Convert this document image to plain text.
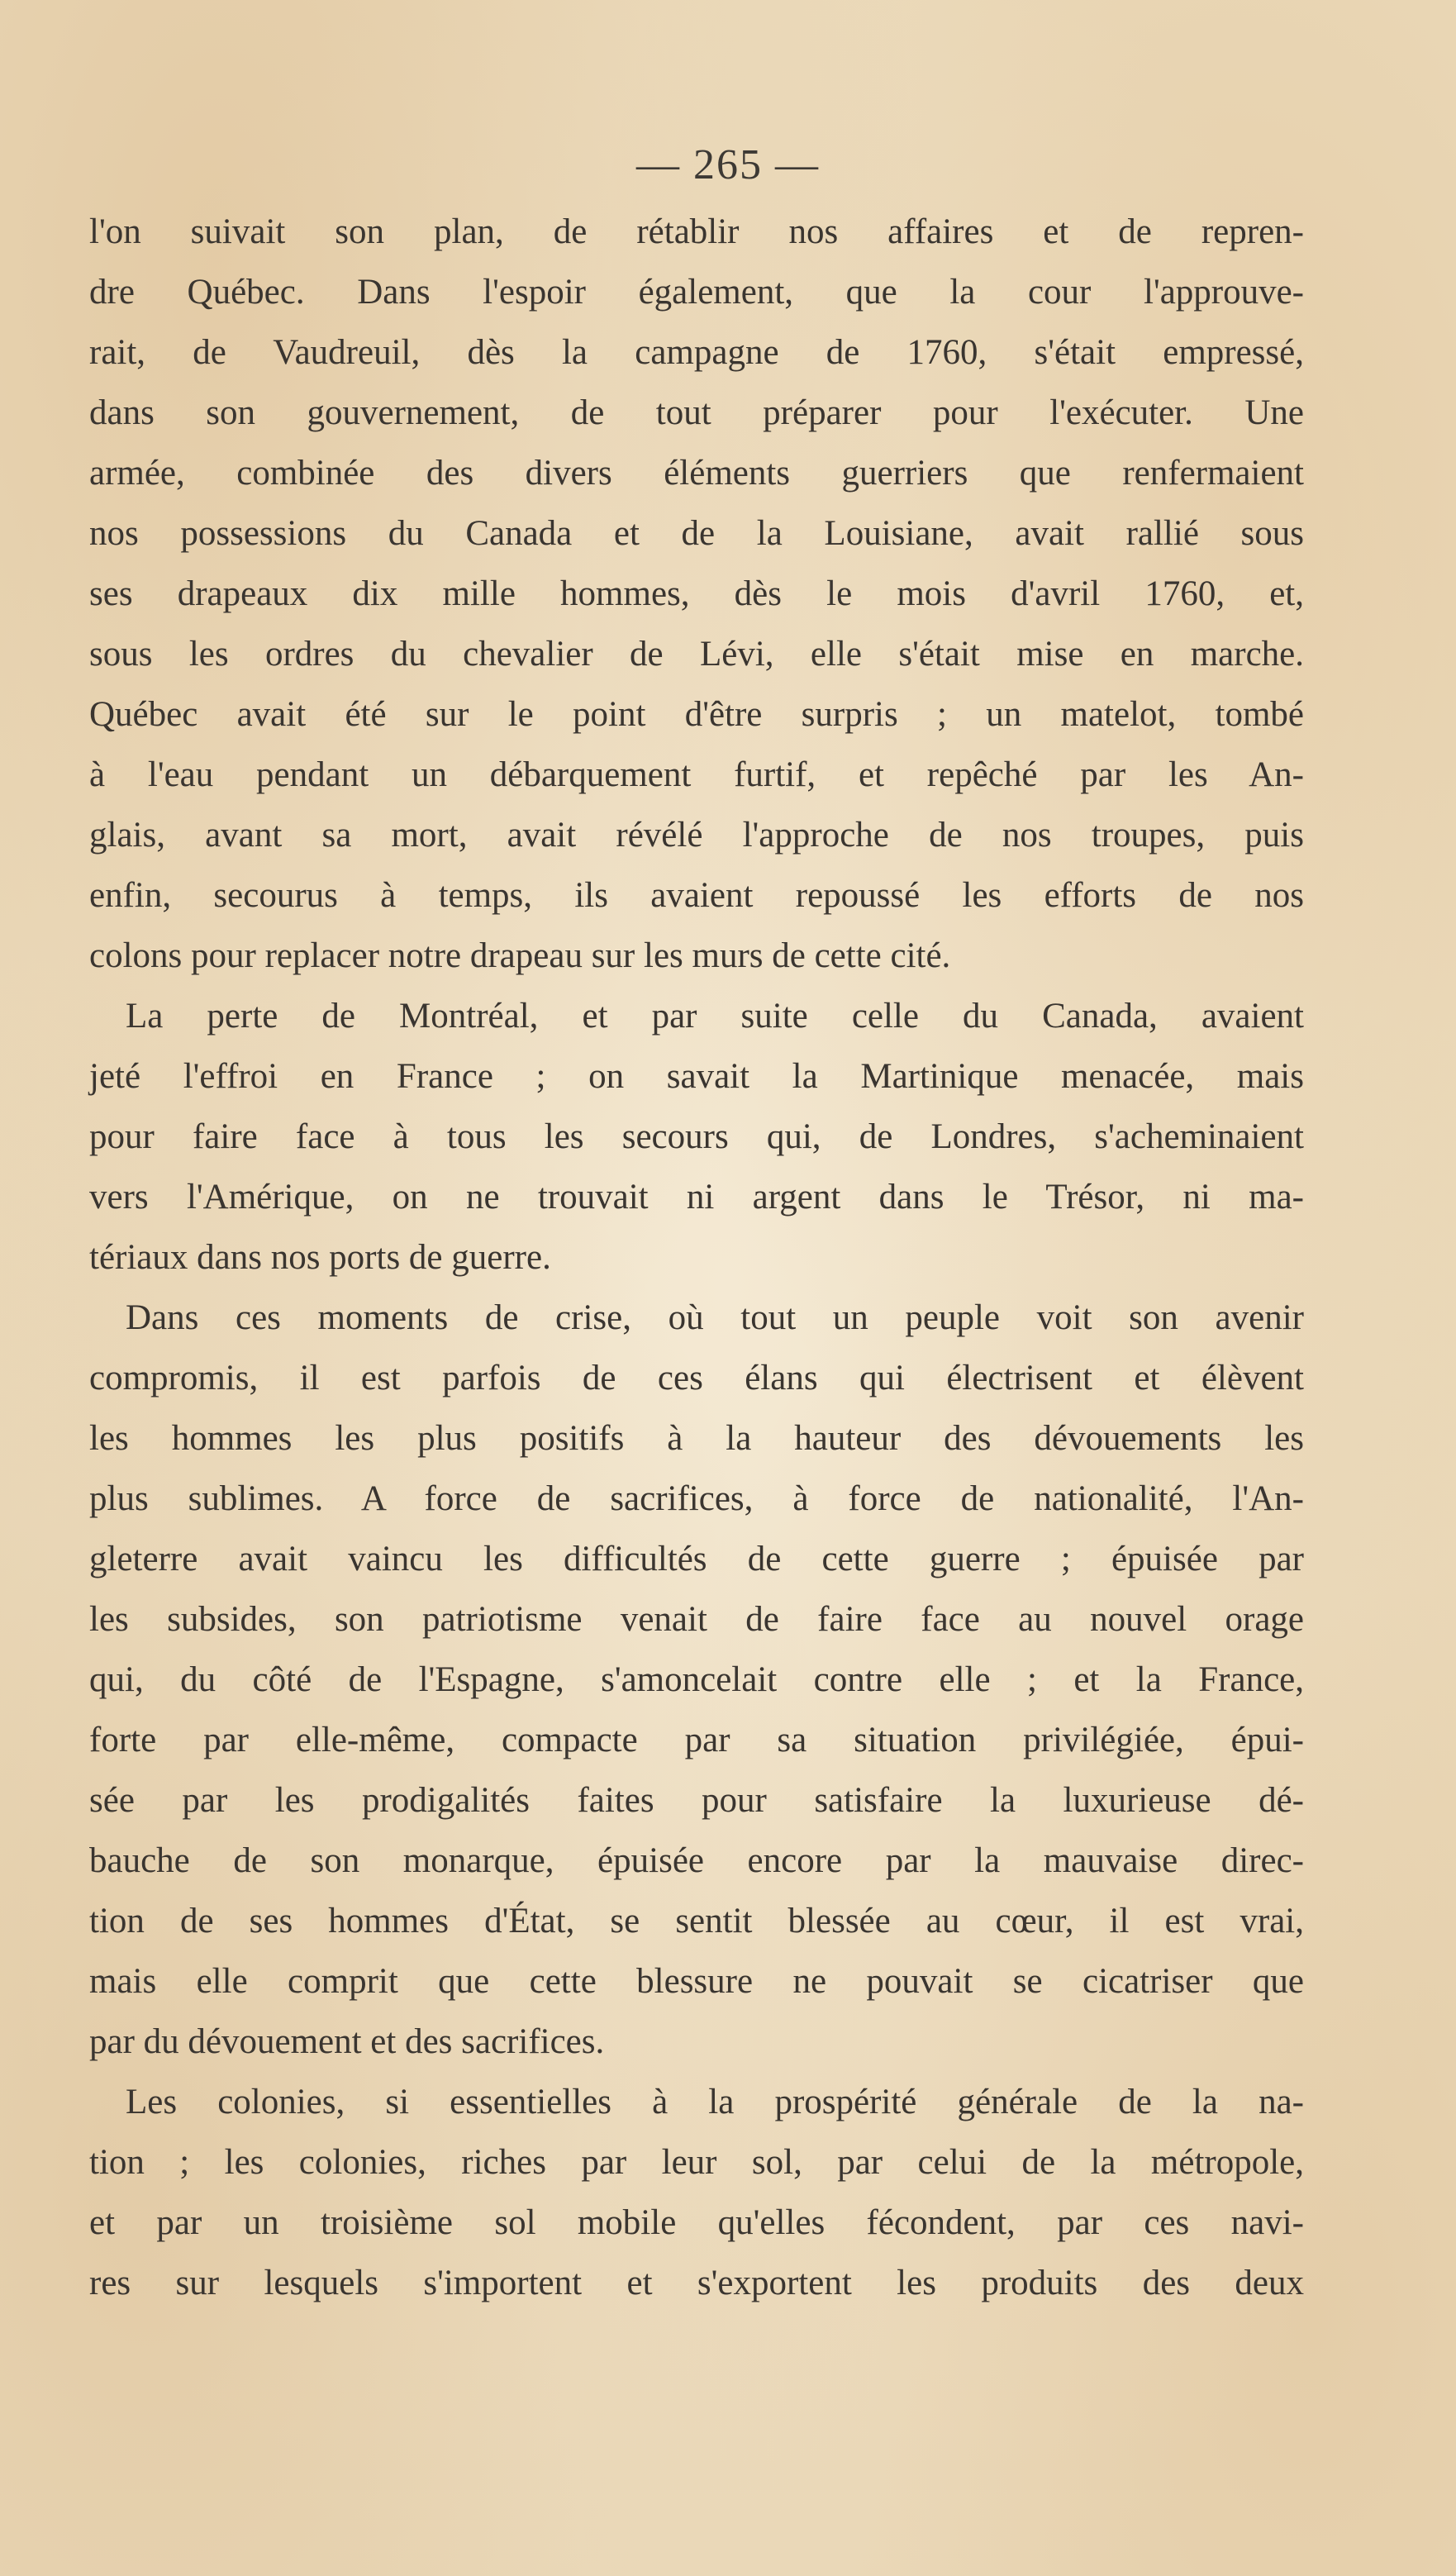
— 265 —
l'on suivait son plan, de rétablir nos affaires et de repren-
dre Québec. Dans l'espoir également, que la cour l'approuve-
rait, de Vaudreuil, dès la campagne de 1760, s'était empressé,
dans son gouvernement, de tout préparer pour l'exécuter. Une
armée, combinée des divers éléments guerriers que renfermaient
nos possessions du Canada et de la Louisiane, avait rallié sous
ses drapeaux dix mille hommes, dès le mois d'avril 1760, et,
sous les ordres du chevalier de Lévi, elle s'était mise en marche.
Québec avait été sur le point d'être surpris ; un matelot, tombé
à l'eau pendant un débarquement furtif, et repêché par les An-
glais, avant sa mort, avait révélé l'approche de nos troupes, puis
enfin, secourus à temps, ils avaient repoussé les efforts de nos
colons pour replacer notre drapeau sur les murs de cette cité.
La perte de Montréal, et par suite celle du Canada, avaient
jeté l'effroi en France ; on savait la Martinique menacée, mais
pour faire face à tous les secours qui, de Londres, s'acheminaient
vers l'Amérique, on ne trouvait ni argent dans le Trésor, ni ma-
tériaux dans nos ports de guerre.
Dans ces moments de crise, où tout un peuple voit son avenir
compromis, il est parfois de ces élans qui électrisent et élèvent
les hommes les plus positifs à la hauteur des dévouements les
plus sublimes. A force de sacrifices, à force de nationalité, l'An-
gleterre avait vaincu les difficultés de cette guerre ; épuisée par
les subsides, son patriotisme venait de faire face au nouvel orage
qui, du côté de l'Espagne, s'amoncelait contre elle ; et la France,
forte par elle-même, compacte par sa situation privilégiée, épui-
sée par les prodigalités faites pour satisfaire la luxurieuse dé-
bauche de son monarque, épuisée encore par la mauvaise direc-
tion de ses hommes d'État, se sentit blessée au cœur, il est vrai,
mais elle comprit que cette blessure ne pouvait se cicatriser que
par du dévouement et des sacrifices.
Les colonies, si essentielles à la prospérité générale de la na-
tion ; les colonies, riches par leur sol, par celui de la métropole,
et par un troisième sol mobile qu'elles fécondent, par ces navi-
res sur lesquels s'importent et s'exportent les produits des deux
